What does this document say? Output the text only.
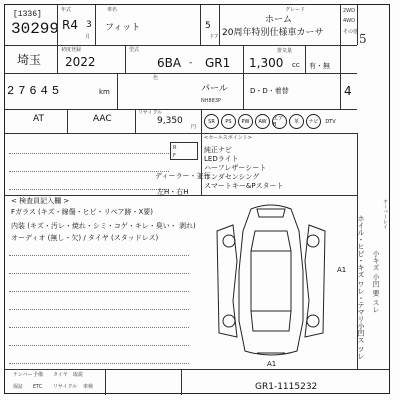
[1336]
30299
年式
R4 3
月
車名
フィット	5
ドア
グレード
ホーム
20周年特別仕様車カーサ
2WD
4WD
その他 5
埼玉
初度登録
2022
型式
6BA - GR1 1,300
排気量
cc 有・無
27645	km
色
パール
NH883P
D・D・着替	4
AT	AAC
リサイクル
9,350
円
SR	PS	PW	AW	エアB	革	ナビ	DTV
R
F
ディーラー・並行
左H・右H
<セールスポイント>
純正ナビ
LEDライト
ハーフレザーシート
ホンダセンシング
スマートキー&Pスタート
< 検査員記入欄 >
Fガラス (キズ・線傷・ヒビ・リペア跡・X要)
内装 (キズ・汚レ・焼れ・シミ・コゲ・キレ・臭い・ 剥れ)
オーディオ (無し・欠) / タイヤ (スタッドレス)
A1
A1
ホイル・ヒビ・キズ ワレ・テマリ小凹ス ツレ 小キズ 小凹 要 スレ
オーバーレイ
ナンバー 予備 タイヤ 取説
保証 ETC リサイクル 車検	GR1-1115232
